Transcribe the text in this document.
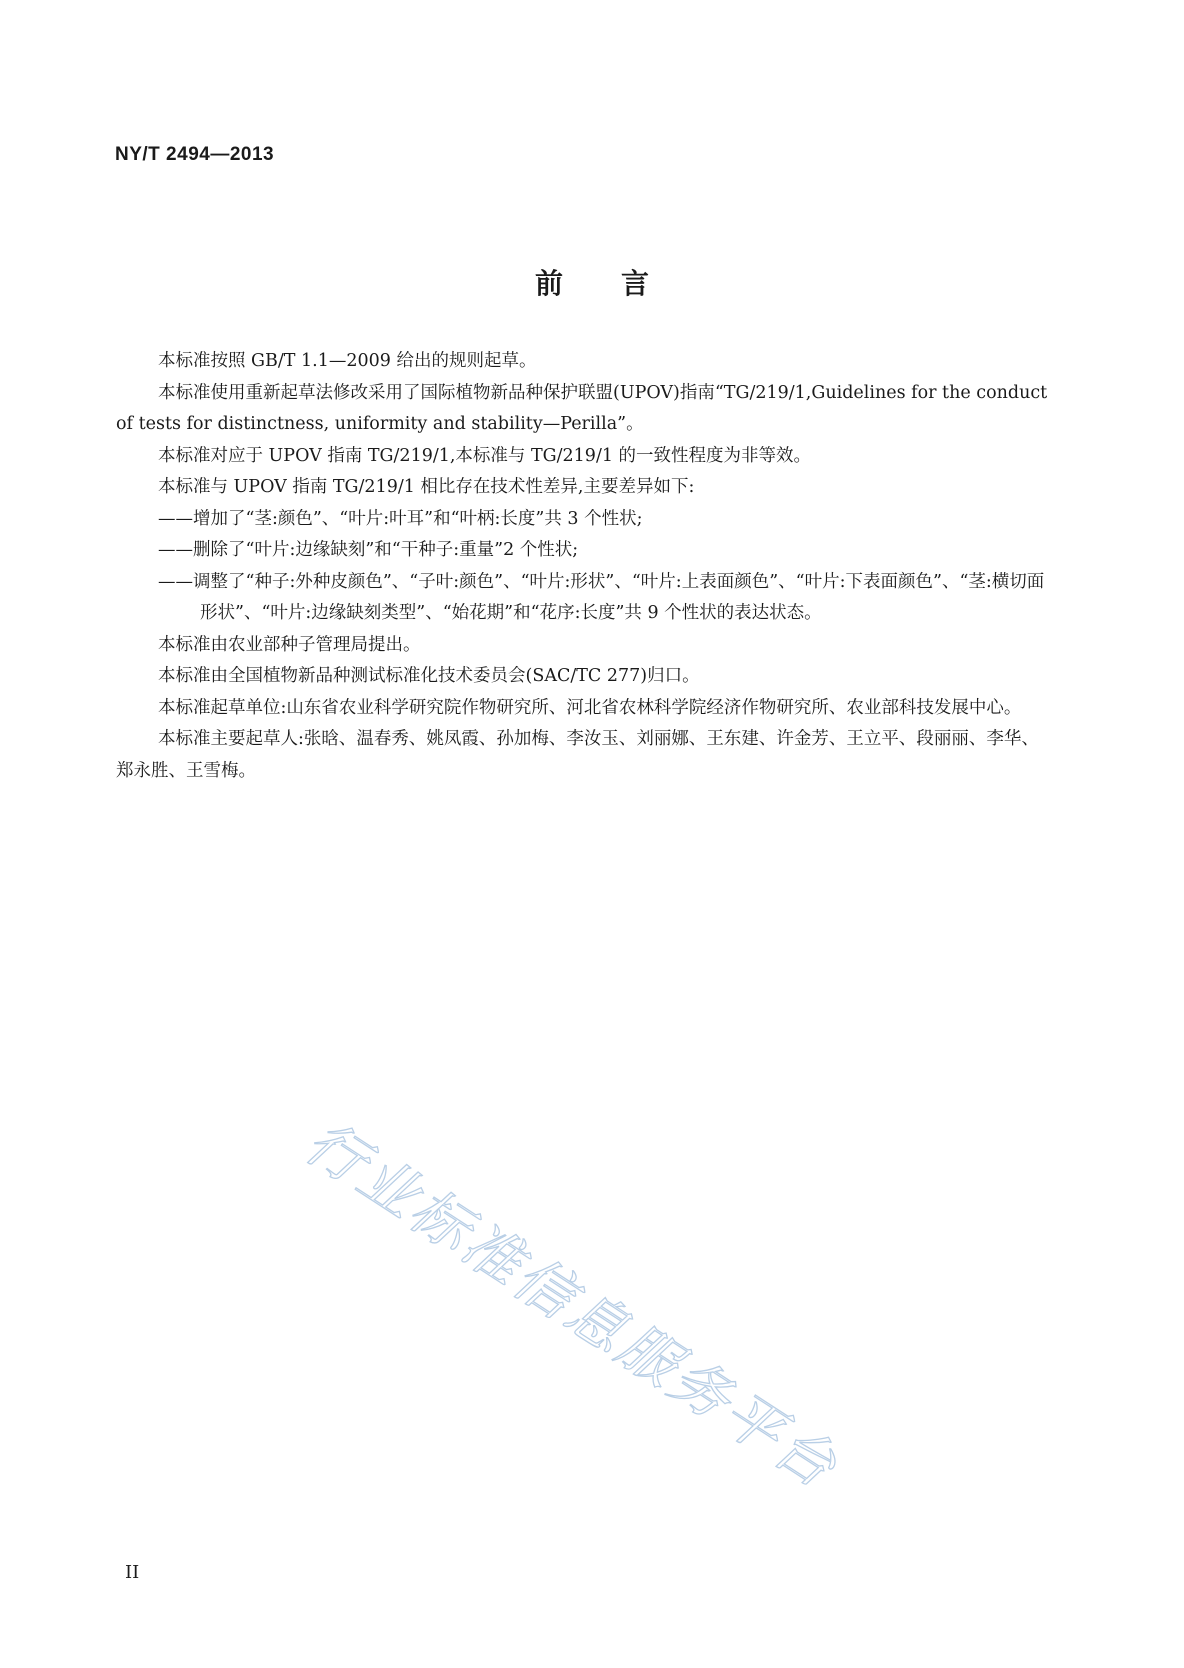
NY/T 2494—2013
前言

本标准按照 GB/T 1.1—2009 给出的规则起草。

本标准使用重新起草法修改采用了国际植物新品种保护联盟(UPOV)指南“TG/219/1,Guidelines for the conduct of tests for distinctness, uniformity and stability—Perilla”。

本标准对应于 UPOV 指南 TG/219/1,本标准与 TG/219/1 的一致性程度为非等效。

本标准与 UPOV 指南 TG/219/1 相比存在技术性差异,主要差异如下:

——增加了“茎:颜色”、“叶片:叶耳”和“叶柄:长度”共 3 个性状;

——删除了“叶片:边缘缺刻”和“干种子:重量”2 个性状;

——调整了“种子:外种皮颜色”、“子叶:颜色”、“叶片:形状”、“叶片:上表面颜色”、“叶片:下表面颜色”、“茎:横切面形状”、“叶片:边缘缺刻类型”、“始花期”和“花序:长度”共 9 个性状的表达状态。

本标准由农业部种子管理局提出。

本标准由全国植物新品种测试标准化技术委员会(SAC/TC 277)归口。

本标准起草单位:山东省农业科学研究院作物研究所、河北省农林科学院经济作物研究所、农业部科技发展中心。

本标准主要起草人:张晗、温春秀、姚凤霞、孙加梅、李汝玉、刘丽娜、王东建、许金芳、王立平、段丽丽、李华、郑永胜、王雪梅。

行业标准信息服务平台
II
